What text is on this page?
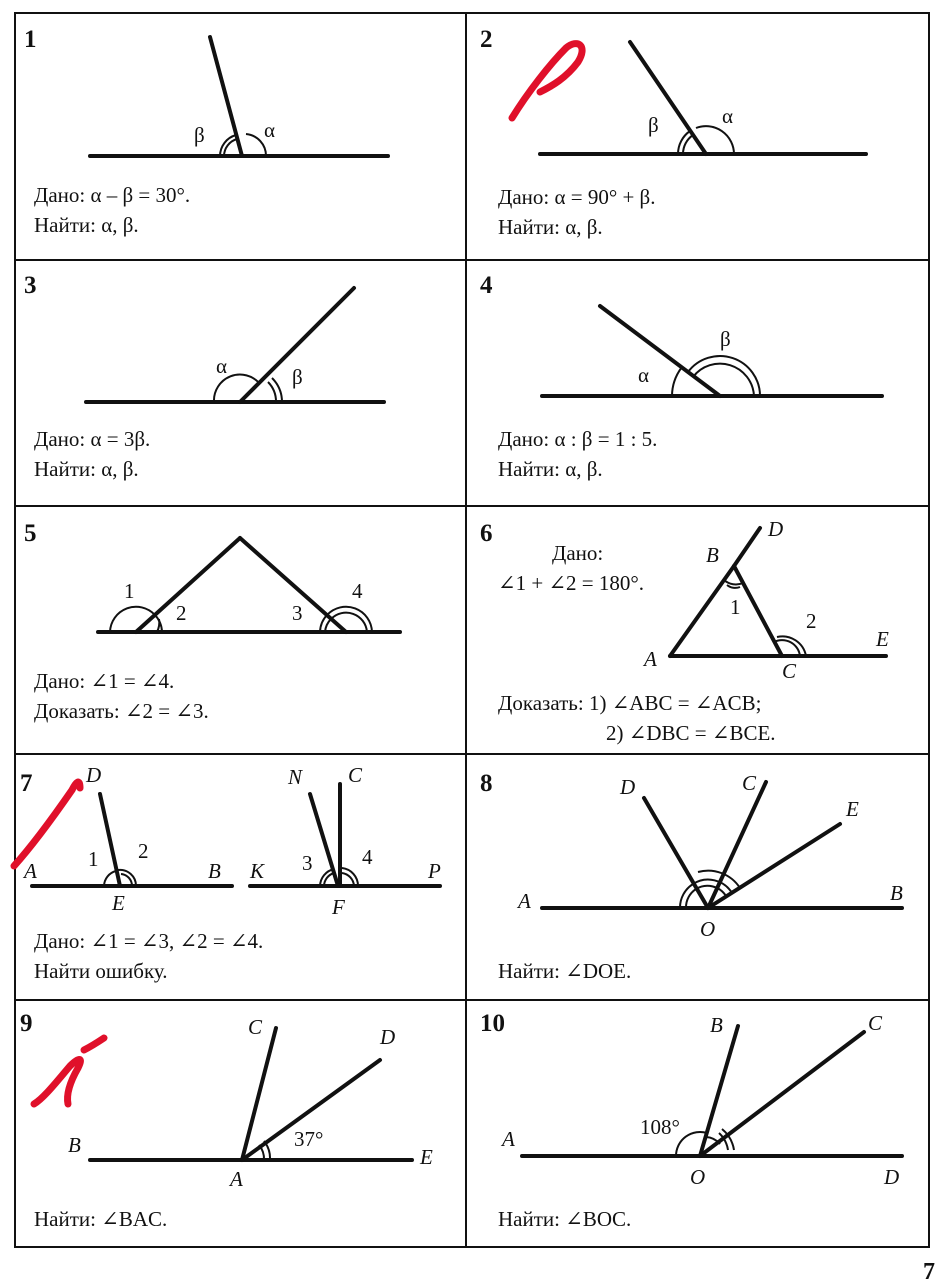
1
β	α
Дано: α – β = 30°.
Найти: α, β.
2
β	α
Дано: α = 90° + β.
Найти: α, β.
3
α	β
Дано: α = 3β.
Найти: α, β.
4
α
β
Дано: α : β = 1 : 5.
Найти: α, β.
5
1
2	3
4
Дано: ∠1 = ∠4.
Доказать: ∠2 = ∠3.
6
Дано:
∠1 + ∠2 = 180°.
D
B
1
2
E
A	C
Доказать: 1) ∠ABC = ∠ACB;
2) ∠DBC = ∠BCE.
7	D
1 2
A	B
E
N C
3 4
K	P
F
Дано: ∠1 = ∠3, ∠2 = ∠4.
Найти ошибку.
8	D	C
E
A	B
O
Найти: ∠DOE.
9	C	D
B	E
A
37°
Найти: ∠BAC.
10	B	C
A	108°
O	D
Найти: ∠BOC.
7
